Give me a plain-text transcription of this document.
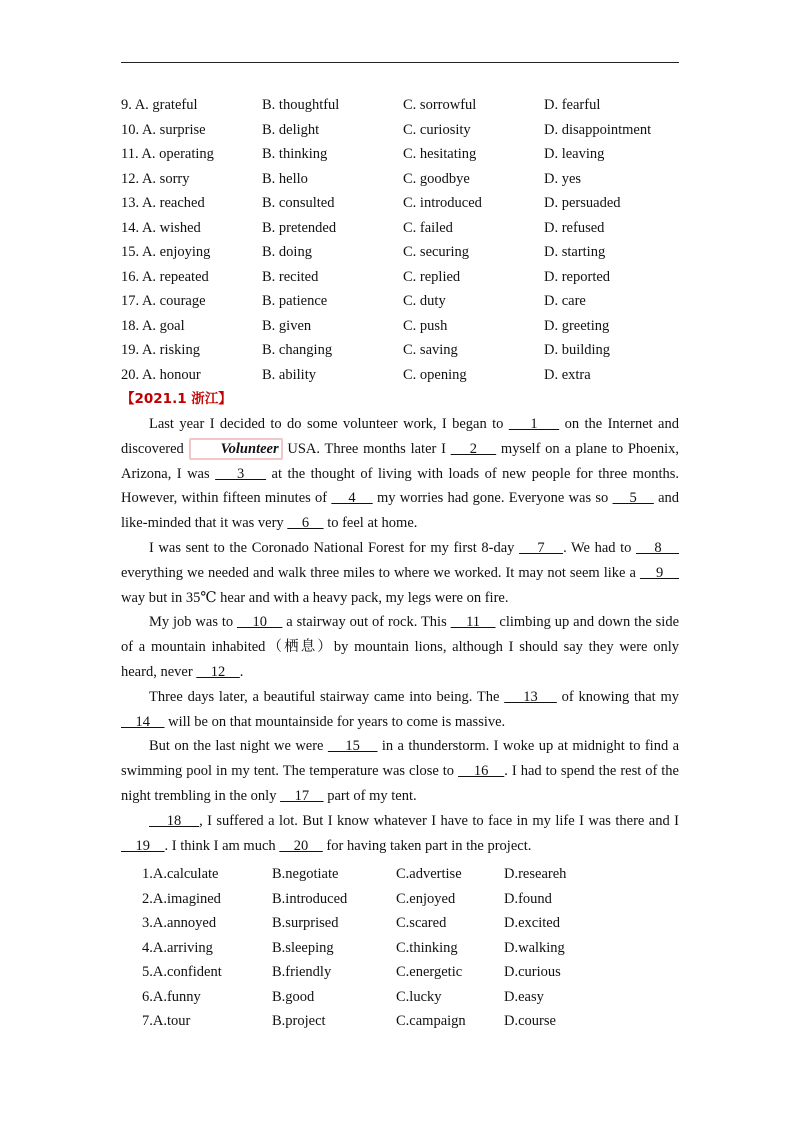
9. A. grateful	B. thoughtful	C. sorrowful	D. fearful
10. A. surprise	B. delight	C. curiosity	D. disappointment
11. A. operating	B. thinking	C. hesitating	D. leaving
12. A. sorry	B. hello	C. goodbye	D. yes
13. A. reached	B. consulted	C. introduced	D. persuaded
14. A. wished	B. pretended	C. failed	D. refused
15. A. enjoying	B. doing	C. securing	D. starting
16. A. repeated	B. recited	C. replied	D. reported
17. A. courage	B. patience	C. duty	D. care
18. A. goal	B. given	C. push	D. greeting
19. A. risking	B. changing	C. saving	D. building
20. A. honour	B. ability	C. opening	D. extra
【2021.1 浙江】

Last year I decided to do some volunteer work, I began to     1     on the Internet and discovered Volunteer USA. Three months later I     2     myself on a plane to Phoenix, Arizona, I was     3     at the thought of living with loads of new people for three months. However, within fifteen minutes of     4     my worries had gone. Everyone was so     5     and like-minded that it was very     6     to feel at home.

I was sent to the Coronado National Forest for my first 8-day     7    . We had to     8     everything we needed and walk three miles to where we worked. It may not seem like a     9     way but in 35℃ hear and with a heavy pack, my legs were on fire.

My job was to     10     a stairway out of rock. This     11     climbing up and down the side of a mountain inhabited（栖息）by mountain lions, although I should say they were only heard, never     12    .

Three days later, a beautiful stairway came into being. The     13     of knowing that my     14     will be on that mountainside for years to come is massive.

But on the last night we were     15     in a thunderstorm. I woke up at midnight to find a swimming pool in my tent. The temperature was close to     16    . I had to spend the rest of the night trembling in the only     17     part of my tent.

18    , I suffered a lot. But I know whatever I have to face in my life I was there and I     19    . I think I am much     20     for having taken part in the project.

1.A.calculate	B.negotiate	C.advertise	D.researeh
2.A.imagined	B.introduced	C.enjoyed	D.found
3.A.annoyed	B.surprised	C.scared	D.excited
4.A.arriving	B.sleeping	C.thinking	D.walking
5.A.confident	B.friendly	C.energetic	D.curious
6.A.funny	B.good	C.lucky	D.easy
7.A.tour	B.project	C.campaign	D.course
